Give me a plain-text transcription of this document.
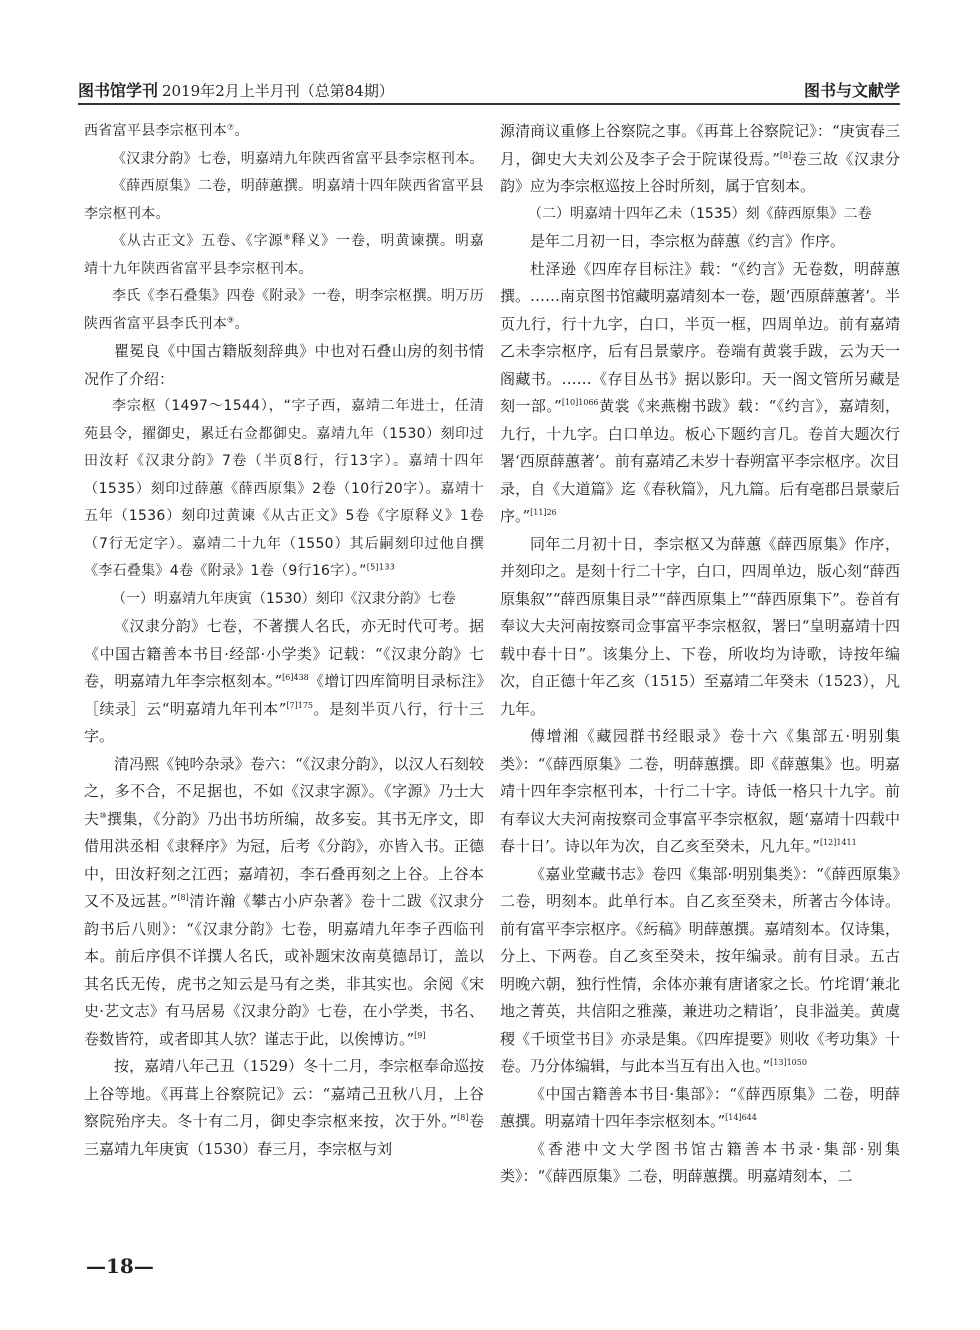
图书馆学刊 2019年2月上半月刊（总第84期）	图书与文献学

西省富平县李宗枢刊本⑦。

《汉隶分韵》七卷，明嘉靖九年陕西省富平县李宗枢刊本。

《薛西原集》二卷，明薛蕙撰。明嘉靖十四年陕西省富平县李宗枢刊本。

《从古正文》五卷、《字源⑧释义》一卷，明黄谏撰。明嘉靖十九年陕西省富平县李宗枢刊本。

李氏《李石叠集》四卷《附录》一卷，明李宗枢撰。明万历陕西省富平县李氏刊本⑨。

瞿冕良《中国古籍版刻辞典》中也对石叠山房的刻书情况作了介绍：

李宗枢（1497～1544），“字子西，嘉靖二年进士，任清苑县令，擢御史，累迁右佥都御史。嘉靖九年（1530）刻印过田汝耔《汉隶分韵》7卷（半页8行，行13字）。嘉靖十四年（1535）刻印过薛蕙《薛西原集》2卷（10行20字）。嘉靖十五年（1536）刻印过黄谏《从古正文》5卷《字原释义》1卷（7行无定字）。嘉靖二十九年（1550）其后嗣刻印过他自撰《李石叠集》4卷《附录》1卷（9行16字）。”$^{[5]133}$

（一）明嘉靖九年庚寅（1530）刻印《汉隶分韵》七卷

《汉隶分韵》七卷，不著撰人名氏，亦无时代可考。据《中国古籍善本书目·经部·小学类》记载：“《汉隶分韵》七卷，明嘉靖九年李宗枢刻本。”$^{[6]438}$《增订四库简明目录标注》［续录］云“明嘉靖九年刊本”$^{[7]175}$。是刻半页八行，行十三字。

清冯熙《钝吟杂录》卷六：“《汉隶分韵》，以汉人石刻较之，多不合，不足据也，不如《汉隶字源》。《字源》乃士大夫⑩撰集，《分韵》乃出书坊所编，故多妄。其书无序文，即借用洪丞相《隶释序》为冠，后考《分韵》，亦皆入书。正德中，田汝耔刻之江西；嘉靖初，李石叠再刻之上谷。上谷本又不及远甚。”[8]清许瀚《攀古小庐杂著》卷十二跋《汉隶分韵书后八则》：“《汉隶分韵》七卷，明嘉靖九年李子西临刊本。前后序俱不详撰人名氏，或补题宋汝南莫德昂订，盖以其名氏无传，虎书之知云是马有之类，非其实也。余阅《宋史·艺文志》有马居易《汉隶分韵》七卷，在小学类，书名、卷数皆符，或者即其人欤？谨志于此，以俟博访。”[9]

按，嘉靖八年己丑（1529）冬十二月，李宗枢奉命巡按上谷等地。《再葺上谷察院记》云：“嘉靖己丑秋八月，上谷察院殆序夫。冬十有二月，御史李宗枢来按，次于外。”[8]卷三嘉靖九年庚寅（1530）春三月，李宗枢与刘

源清商议重修上谷察院之事。《再葺上谷察院记》：“庚寅春三月，御史大夫刘公及李子会于院谋役焉。”[8]卷三故《汉隶分韵》应为李宗枢巡按上谷时所刻，属于官刻本。

（二）明嘉靖十四年乙未（1535）刻《薛西原集》二卷

是年二月初一日，李宗枢为薛蕙《约言》作序。

杜泽逊《四库存目标注》载：“《约言》无卷数，明薛蕙撰。……南京图书馆藏明嘉靖刻本一卷，题‘西原薛蕙著’。半页九行，行十九字，白口，半页一框，四周单边。前有嘉靖乙未李宗枢序，后有吕景蒙序。卷端有黄裳手跋，云为天一阁藏书。……《存目丛书》据以影印。天一阁文管所另藏是刻一部。”$^{[10]1066}$黄裳《来燕榭书跋》载：“《约言》，嘉靖刻，九行，十九字。白口单边。板心下题约言几。卷首大题次行署‘西原薛蕙著’。前有嘉靖乙未岁十春朔富平李宗枢序。次目录，自《大道篇》迄《春秋篇》，凡九篇。后有亳郡吕景蒙后序。”$^{[11]26}$

同年二月初十日，李宗枢又为薛蕙《薛西原集》作序，并刻印之。是刻十行二十字，白口，四周单边，版心刻“薛西原集叙”“薛西原集目录”“薛西原集上”“薛西原集下”。卷首有奉议大夫河南按察司佥事富平李宗枢叙，署曰“皇明嘉靖十四载中春十日”。该集分上、下卷，所收均为诗歌，诗按年编次，自正德十年乙亥（1515）至嘉靖二年癸未（1523），凡九年。

傅增湘《藏园群书经眼录》卷十六《集部五·明别集类》：“《薛西原集》二卷，明薛蕙撰。即《薛蕙集》也。明嘉靖十四年李宗枢刊本，十行二十字。诗低一格只十九字。前有奉议大夫河南按察司佥事富平李宗枢叙，题‘嘉靖十四载中春十日’。诗以年为次，自乙亥至癸未，凡九年。”$^{[12]1411}$

《嘉业堂藏书志》卷四《集部·明别集类》：“《薛西原集》二卷，明刻本。此单行本。自乙亥至癸未，所著古今体诗。前有富平李宗枢序。《䊸稿》明薛蕙撰。嘉靖刻本。仅诗集，分上、下两卷。自乙亥至癸未，按年编录。前有目录。五古明晚六朝，独行性情，余体亦兼有唐诸家之长。竹垞谓‘兼北地之菁英，共信阳之雅藻，兼进功之精诣’，良非溢美。黄虞稷《千顷堂书目》亦录是集。《四库提要》则收《考功集》十卷。乃分体编辑，与此本当互有出入也。”$^{[13]1050}$

《中国古籍善本书目·集部》：“《薛西原集》二卷，明薛蕙撰。明嘉靖十四年李宗枢刻本。”$^{[14]644}$

《香港中文大学图书馆古籍善本书录·集部·别集类》：“《薛西原集》二卷，明薛蕙撰。明嘉靖刻本，二

—18—
